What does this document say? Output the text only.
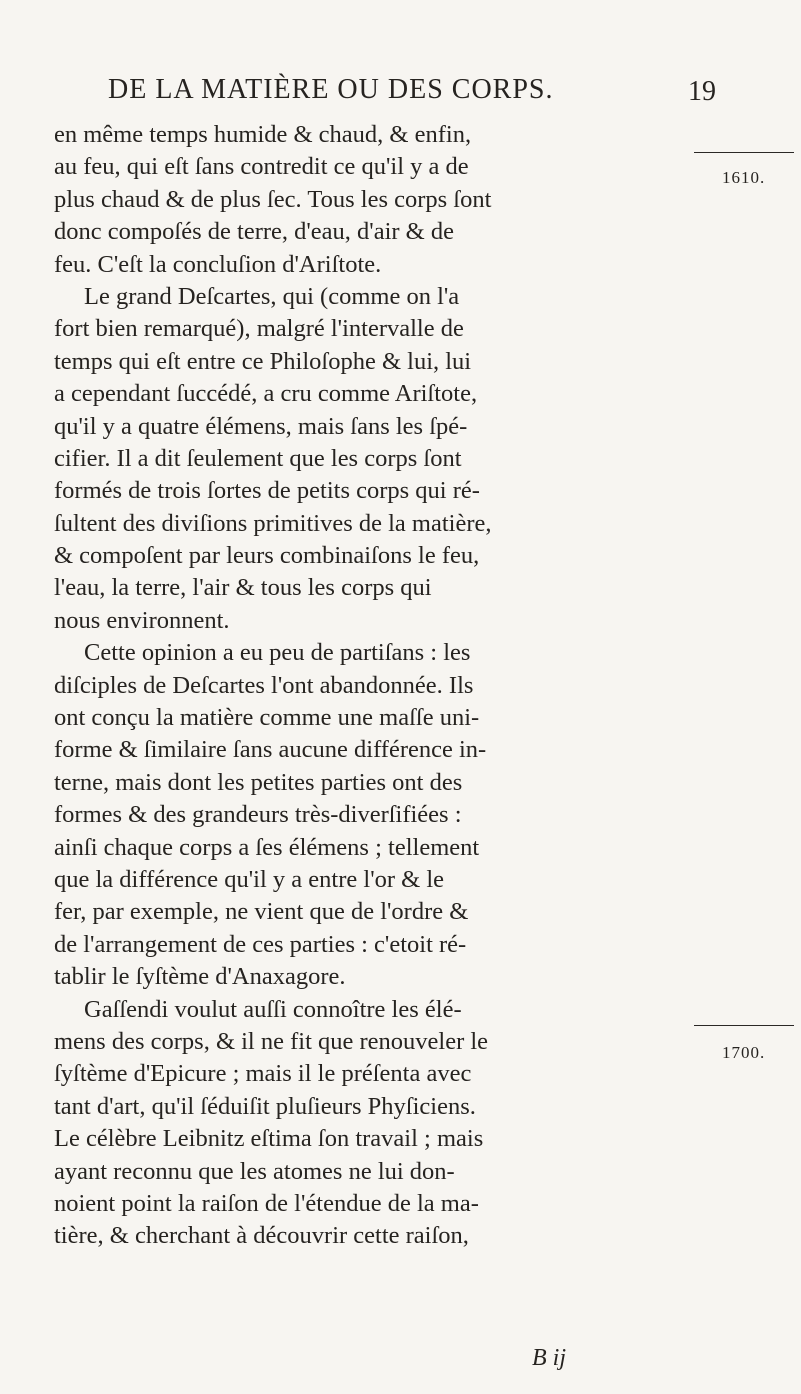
DE LA MATIÈRE OU DES CORPS.	19
en même temps humide & chaud, & enfin,
au feu, qui eſt ſans contredit ce qu'il y a de
plus chaud & de plus ſec. Tous les corps ſont
donc compoſés de terre, d'eau, d'air & de
feu. C'eſt la concluſion d'Ariſtote.
Le grand Deſcartes, qui (comme on l'a
fort bien remarqué), malgré l'intervalle de
temps qui eſt entre ce Philoſophe & lui, lui
a cependant ſuccédé, a cru comme Ariſtote,
qu'il y a quatre élémens, mais ſans les ſpé-
cifier. Il a dit ſeulement que les corps ſont
formés de trois ſortes de petits corps qui ré-
ſultent des diviſions primitives de la matière,
& compoſent par leurs combinaiſons le feu,
l'eau, la terre, l'air & tous les corps qui
nous environnent.
Cette opinion a eu peu de partiſans : les
diſciples de Deſcartes l'ont abandonnée. Ils
ont conçu la matière comme une maſſe uni-
forme & ſimilaire ſans aucune différence in-
terne, mais dont les petites parties ont des
formes & des grandeurs très-diverſifiées :
ainſi chaque corps a ſes élémens ; tellement
que la différence qu'il y a entre l'or & le
fer, par exemple, ne vient que de l'ordre &
de l'arrangement de ces parties : c'etoit ré-
tablir le ſyſtème d'Anaxagore.
Gaſſendi voulut auſſi connoître les élé-
mens des corps, & il ne fit que renouveler le
ſyſtème d'Epicure ; mais il le préſenta avec
tant d'art, qu'il ſéduiſit pluſieurs Phyſiciens.
Le célèbre Leibnitz eſtima ſon travail ; mais
ayant reconnu que les atomes ne lui don-
noient point la raiſon de l'étendue de la ma-
tière, & cherchant à découvrir cette raiſon,
1610.
1700.
B ij
